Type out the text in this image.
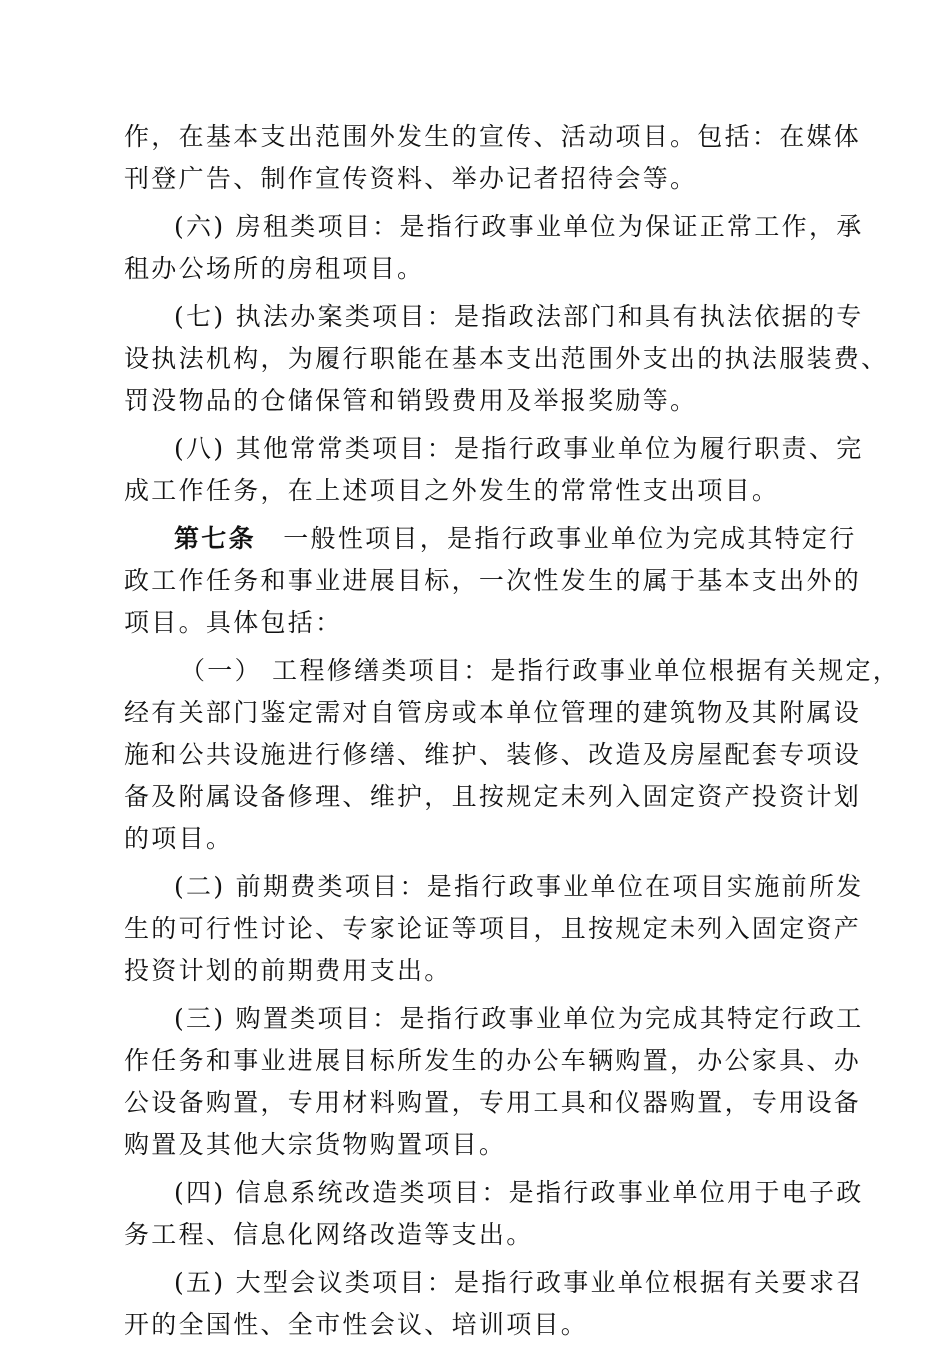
作，在基本支出范围外发生的宣传、活动项目。包括：在媒体
刊登广告、制作宣传资料、举办记者招待会等。
(六) 房租类项目：是指行政事业单位为保证正常工作，承
租办公场所的房租项目。
(七) 执法办案类项目：是指政法部门和具有执法依据的专
设执法机构，为履行职能在基本支出范围外支出的执法服装费、
罚没物品的仓储保管和销毁费用及举报奖励等。
(八) 其他常常类项目：是指行政事业单位为履行职责、完
成工作任务，在上述项目之外发生的常常性支出项目。
第七条　 一般性项目，是指行政事业单位为完成其特定行
政工作任务和事业进展目标，一次性发生的属于基本支出外的
项目。具体包括：
（一） 工程修缮类项目：是指行政事业单位根据有关规定，
经有关部门鉴定需对自管房或本单位管理的建筑物及其附属设
施和公共设施进行修缮、维护、装修、改造及房屋配套专项设
备及附属设备修理、维护，且按规定未列入固定资产投资计划
的项目。
(二) 前期费类项目：是指行政事业单位在项目实施前所发
生的可行性讨论、专家论证等项目，且按规定未列入固定资产
投资计划的前期费用支出。
(三) 购置类项目：是指行政事业单位为完成其特定行政工
作任务和事业进展目标所发生的办公车辆购置，办公家具、办
公设备购置，专用材料购置，专用工具和仪器购置，专用设备
购置及其他大宗货物购置项目。
(四) 信息系统改造类项目：是指行政事业单位用于电子政
务工程、信息化网络改造等支出。
(五) 大型会议类项目：是指行政事业单位根据有关要求召
开的全国性、全市性会议、培训项目。
